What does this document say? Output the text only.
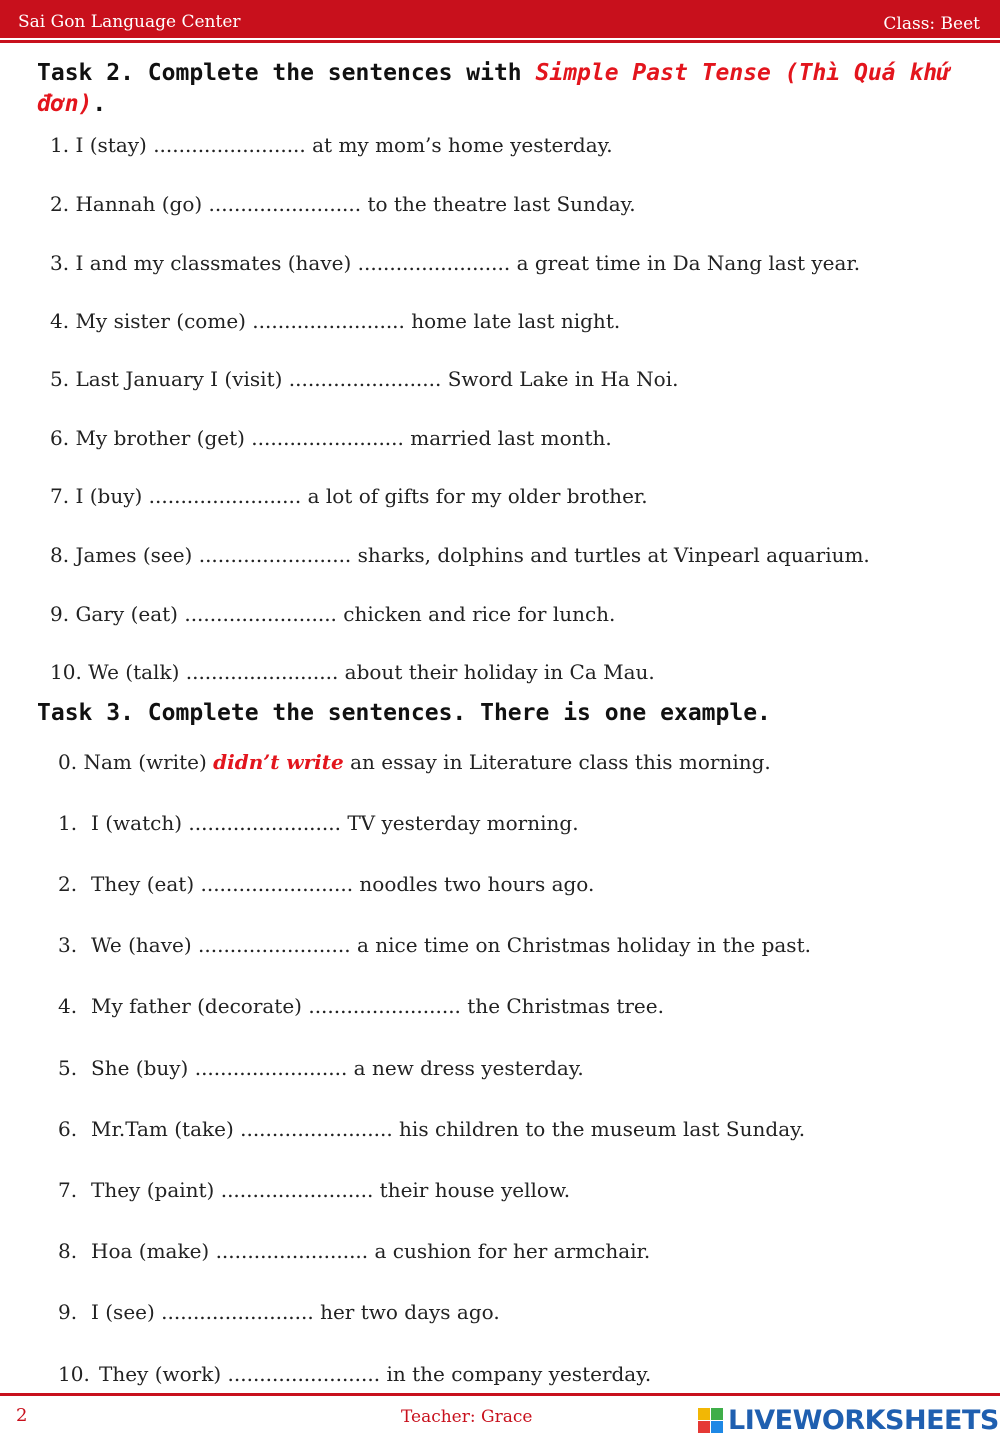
Sai Gon Language Center	Class: Beet
Task 2. Complete the sentences with Simple Past Tense (Thì Quá khứ đơn).
1. I (stay) ........................ at my mom’s home yesterday.
2. Hannah (go) ........................ to the theatre last Sunday.
3. I and my classmates (have) ........................ a great time in Da Nang last year.
4. My sister (come) ........................ home late last night.
5. Last January I (visit) ........................ Sword Lake in Ha Noi.
6. My brother (get) ........................ married last month.
7. I (buy) ........................ a lot of gifts for my older brother.
8. James (see) ........................ sharks, dolphins and turtles at Vinpearl aquarium.
9. Gary (eat) ........................ chicken and rice for lunch.
10. We (talk) ........................ about their holiday in Ca Mau.
Task 3. Complete the sentences. There is one example.
0. Nam (write) didn’t write an essay in Literature class this morning.
1. I (watch) ........................ TV yesterday morning.
2. They (eat) ........................ noodles two hours ago.
3. We (have) ........................ a nice time on Christmas holiday in the past.
4. My father (decorate) ........................ the Christmas tree.
5. She (buy) ........................ a new dress yesterday.
6. Mr.Tam (take) ........................ his children to the museum last Sunday.
7. They (paint) ........................ their house yellow.
8. Hoa (make) ........................ a cushion for her armchair.
9. I (see) ........................ her two days ago.
10. They (work) ........................ in the company yesterday.
2	Teacher: Grace	LIVEWORKSHEETS
